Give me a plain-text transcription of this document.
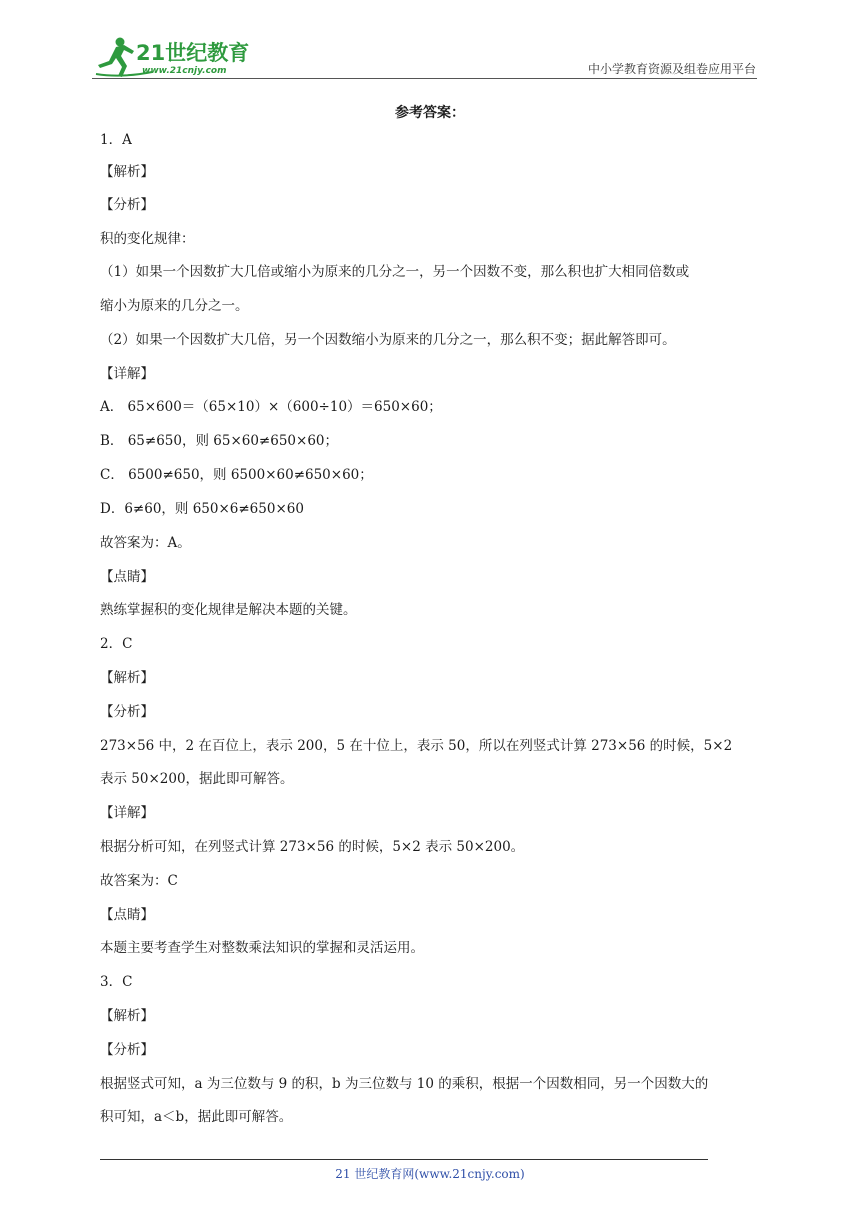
21世纪教育
www.21cnjy.com	中小学教育资源及组卷应用平台
参考答案：
1．A
【解析】
【分析】
积的变化规律：
（1）如果一个因数扩大几倍或缩小为原来的几分之一，另一个因数不变，那么积也扩大相同倍数或
缩小为原来的几分之一。
（2）如果一个因数扩大几倍，另一个因数缩小为原来的几分之一，那么积不变；据此解答即可。
【详解】
A． 65×600＝（65×10）×（600÷10）＝650×60；
B． 65≠650，则 65×60≠650×60；
C． 6500≠650，则 6500×60≠650×60；
D．6≠60，则 650×6≠650×60
故答案为：A。
【点睛】
熟练掌握积的变化规律是解决本题的关键。
2．C
【解析】
【分析】
273×56 中，2 在百位上，表示 200，5 在十位上，表示 50，所以在列竖式计算 273×56 的时候，5×2
表示 50×200，据此即可解答。
【详解】
根据分析可知，在列竖式计算 273×56 的时候，5×2 表示 50×200。
故答案为：C
【点睛】
本题主要考查学生对整数乘法知识的掌握和灵活运用。
3．C
【解析】
【分析】
根据竖式可知，a 为三位数与 9 的积，b 为三位数与 10 的乘积，根据一个因数相同，另一个因数大的
积可知，a＜b，据此即可解答。
21 世纪教育网(www.21cnjy.com)
